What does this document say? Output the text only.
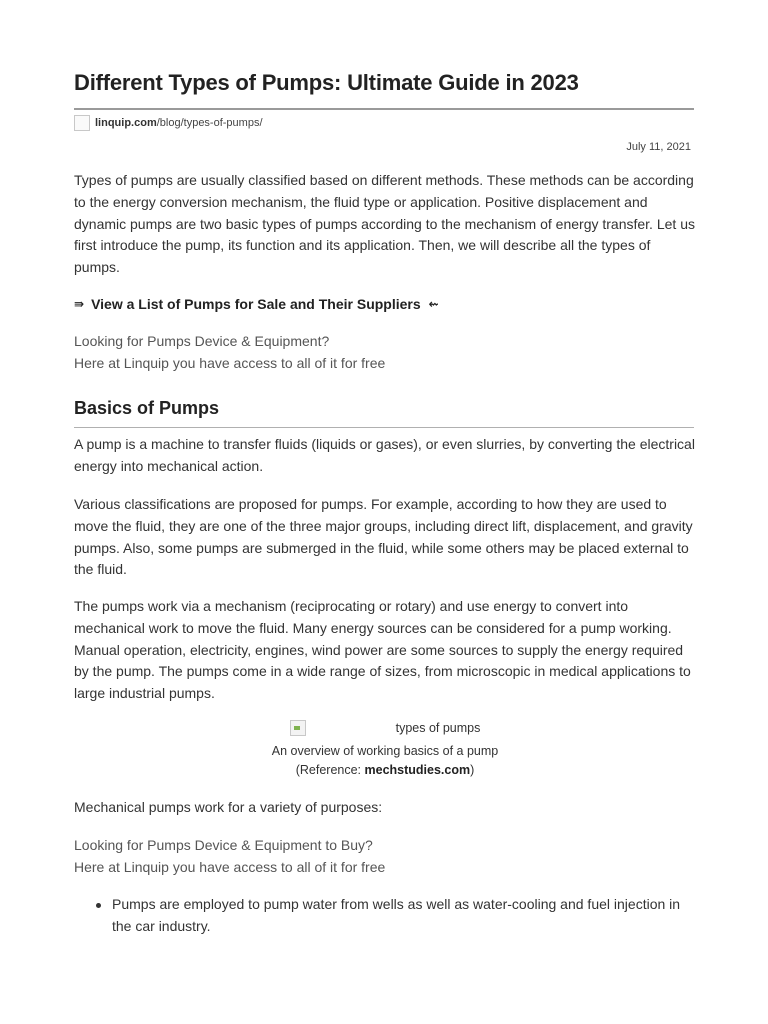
Different Types of Pumps: Ultimate Guide in 2023
linquip.com /blog/types-of-pumps/
July 11, 2021

Types of pumps are usually classified based on different methods. These methods can be according to the energy conversion mechanism, the fluid type or application. Positive displacement and dynamic pumps are two basic types of pumps according to the mechanism of energy transfer. Let us first introduce the pump, its function and its application. Then, we will describe all the types of pumps.

⇛ View a List of Pumps for Sale and Their Suppliers ⇜

Looking for Pumps Device & Equipment?
Here at Linquip you have access to all of it for free

Basics of Pumps

A pump is a machine to transfer fluids (liquids or gases), or even slurries, by converting the electrical energy into mechanical action.

Various classifications are proposed for pumps. For example, according to how they are used to move the fluid, they are one of the three major groups, including direct lift, displacement, and gravity pumps. Also, some pumps are submerged in the fluid, while some others may be placed external to the fluid.

The pumps work via a mechanism (reciprocating or rotary) and use energy to convert into mechanical work to move the fluid. Many energy sources can be considered for a pump working. Manual operation, electricity, engines, wind power are some sources to supply the energy required by the pump. The pumps come in a wide range of sizes, from microscopic in medical applications to large industrial pumps.

types of pumps
An overview of working basics of a pump
(Reference: mechstudies.com)

Mechanical pumps work for a variety of purposes:

Looking for Pumps Device & Equipment to Buy?
Here at Linquip you have access to all of it for free

Pumps are employed to pump water from wells as well as water-cooling and fuel injection in the car industry.
